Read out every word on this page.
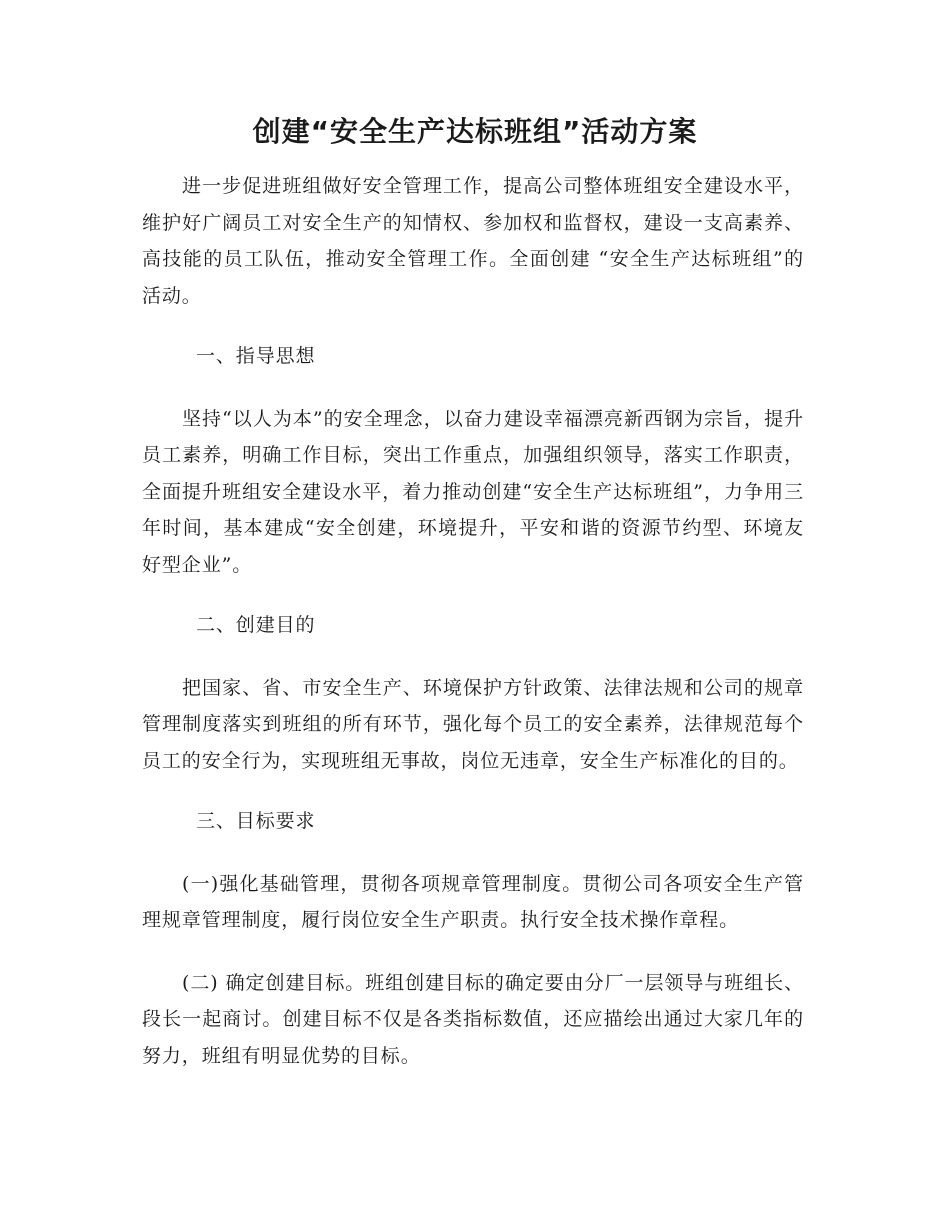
创建“安全生产达标班组”活动方案

进一步促进班组做好安全管理工作，提高公司整体班组安全建设水平，维护好广阔员工对安全生产的知情权、参加权和监督权，建设一支高素养、高技能的员工队伍，推动安全管理工作。全面创建 “安全生产达标班组”的活动。

一、指导思想

坚持“以人为本”的安全理念，以奋力建设幸福漂亮新西钢为宗旨，提升员工素养，明确工作目标，突出工作重点，加强组织领导，落实工作职责，全面提升班组安全建设水平，着力推动创建“安全生产达标班组”，力争用三年时间，基本建成“安全创建，环境提升，平安和谐的资源节约型、环境友好型企业”。

二、创建目的

把国家、省、市安全生产、环境保护方针政策、法律法规和公司的规章管理制度落实到班组的所有环节，强化每个员工的安全素养，法律规范每个员工的安全行为，实现班组无事故，岗位无违章，安全生产标准化的目的。

三、目标要求

(一)强化基础管理，贯彻各项规章管理制度。贯彻公司各项安全生产管理规章管理制度，履行岗位安全生产职责。执行安全技术操作章程。

(二) 确定创建目标。班组创建目标的确定要由分厂一层领导与班组长、段长一起商讨。创建目标不仅是各类指标数值，还应描绘出通过大家几年的努力，班组有明显优势的目标。
